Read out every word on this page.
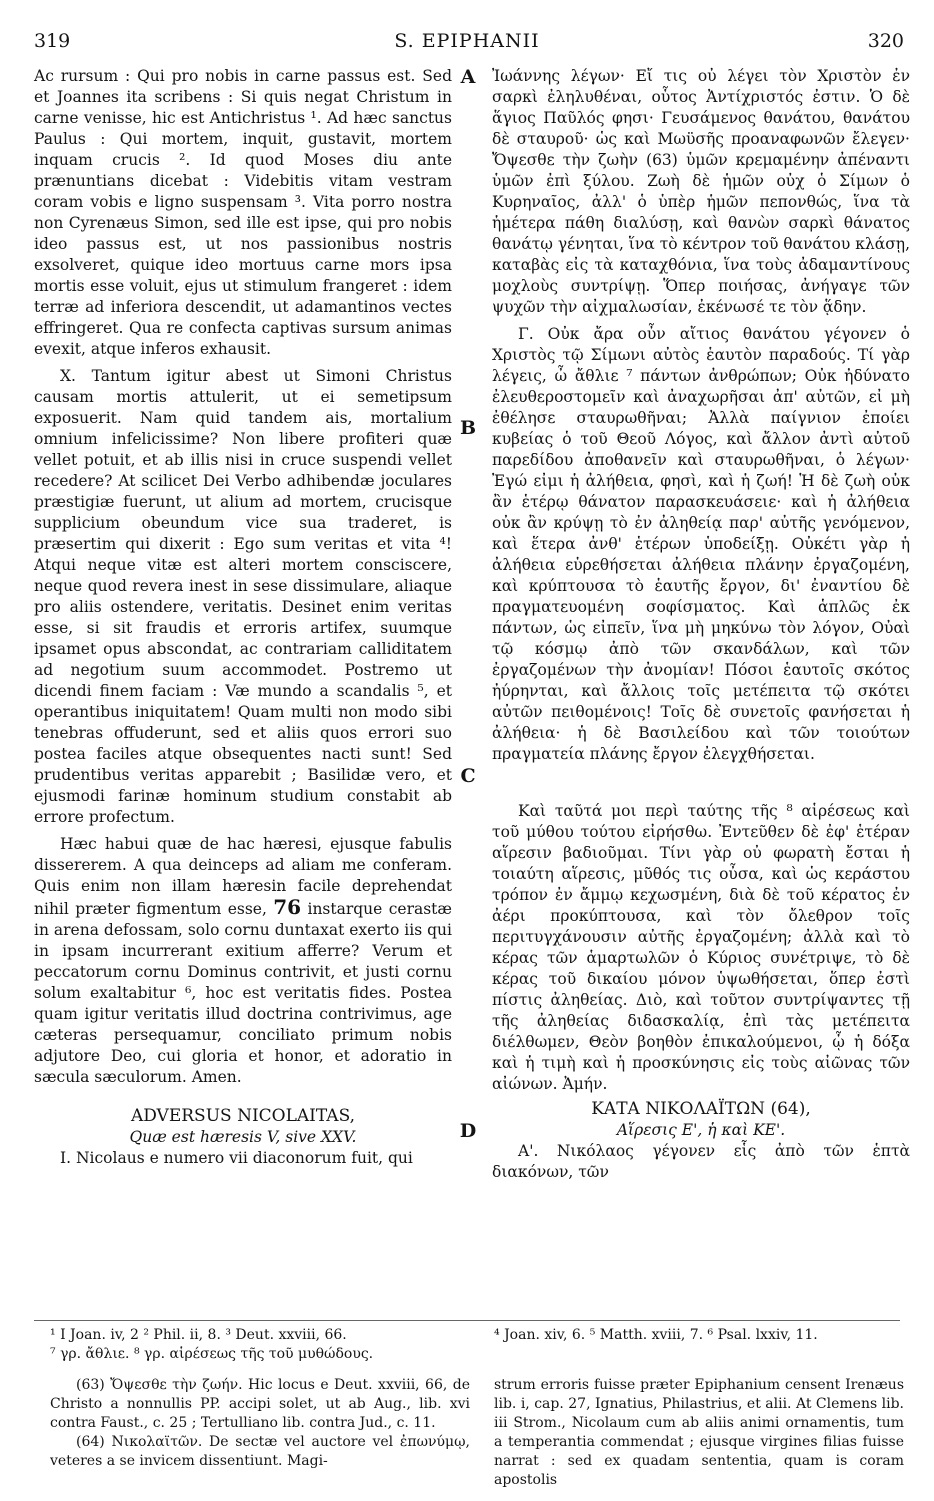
319	S. EPIPHANII	320
A
B
C
D

Ac rursum : Qui pro nobis in carne passus est. Sed et Joannes ita scribens : Si quis negat Christum in carne venisse, hic est Antichristus ¹. Ad hæc sanctus Paulus : Qui mortem, inquit, gustavit, mortem inquam crucis ². Id quod Moses diu ante prænuntians dicebat : Videbitis vitam vestram coram vobis e ligno suspensam ³. Vita porro nostra non Cyrenæus Simon, sed ille est ipse, qui pro nobis ideo passus est, ut nos passionibus nostris exsolveret, quique ideo mortuus carne mors ipsa mortis esse voluit, ejus ut stimulum frangeret : idem terræ ad inferiora descendit, ut adamantinos vectes effringeret. Qua re confecta captivas sursum animas evexit, atque inferos exhausit.

X. Tantum igitur abest ut Simoni Christus causam mortis attulerit, ut ei semetipsum exposuerit. Nam quid tandem ais, mortalium omnium infelicissime? Non libere profiteri quæ vellet potuit, et ab illis nisi in cruce suspendi vellet recedere? At scilicet Dei Verbo adhibendæ joculares præstigiæ fuerunt, ut alium ad mortem, crucisque supplicium obeundum vice sua traderet, is præsertim qui dixerit : Ego sum veritas et vita ⁴! Atqui neque vitæ est alteri mortem consciscere, neque quod revera inest in sese dissimulare, aliaque pro aliis ostendere, veritatis. Desinet enim veritas esse, si sit fraudis et erroris artifex, suumque ipsamet opus abscondat, ac contrariam calliditatem ad negotium suum accommodet. Postremo ut dicendi finem faciam : Væ mundo a scandalis ⁵, et operantibus iniquitatem! Quam multi non modo sibi tenebras offuderunt, sed et aliis quos errori suo postea faciles atque obsequentes nacti sunt! Sed prudentibus veritas apparebit ; Basilidæ vero, et ejusmodi farinæ hominum studium constabit ab errore profectum.

Hæc habui quæ de hac hæresi, ejusque fabulis dissererem. A qua deinceps ad aliam me conferam. Quis enim non illam hæresin facile deprehendat nihil præter figmentum esse, 76 instarque cerastæ in arena defossam, solo cornu duntaxat exerto iis qui in ipsam incurrerant exitium afferre? Verum et peccatorum cornu Dominus contrivit, et justi cornu solum exaltabitur ⁶, hoc est veritatis fides. Postea quam igitur veritatis illud doctrina contrivimus, age cæteras persequamur, conciliato primum nobis adjutore Deo, cui gloria et honor, et adoratio in sæcula sæculorum. Amen.

ADVERSUS NICOLAITAS,

Quæ est hæresis V, sive XXV.

I. Nicolaus e numero vii diaconorum fuit, qui

Ἰωάννης λέγων· Εἴ τις οὐ λέγει τὸν Χριστὸν ἐν σαρκὶ ἐληλυθέναι, οὗτος Ἀντίχριστός ἐστιν. Ὁ δὲ ἅγιος Παῦλός φησι· Γευσάμενος θανάτου, θανάτου δὲ σταυροῦ· ὡς καὶ Μωϋσῆς προαναφωνῶν ἔλεγεν· Ὄψεσθε τὴν ζωὴν (63) ὑμῶν κρεμαμένην ἀπέναντι ὑμῶν ἐπὶ ξύλου. Ζωὴ δὲ ἡμῶν οὐχ ὁ Σίμων ὁ Κυρηναῖος, ἀλλ' ὁ ὑπὲρ ἡμῶν πεπονθώς, ἵνα τὰ ἡμέτερα πάθη διαλύσῃ, καὶ θανὼν σαρκὶ θάνατος θανάτῳ γένηται, ἵνα τὸ κέντρον τοῦ θανάτου κλάσῃ, καταβὰς εἰς τὰ καταχθόνια, ἵνα τοὺς ἀδαμαντίνους μοχλοὺς συντρίψῃ. Ὅπερ ποιήσας, ἀνήγαγε τῶν ψυχῶν τὴν αἰχμαλωσίαν, ἐκένωσέ τε τὸν ᾅδην.

Γ. Οὐκ ἄρα οὖν αἴτιος θανάτου γέγονεν ὁ Χριστὸς τῷ Σίμωνι αὐτὸς ἑαυτὸν παραδούς. Τί γὰρ λέγεις, ὦ ἄθλιε ⁷ πάντων ἀνθρώπων; Οὐκ ἠδύνατο ἐλευθεροστομεῖν καὶ ἀναχωρῆσαι ἀπ' αὐτῶν, εἰ μὴ ἐθέλησε σταυρωθῆναι; Ἀλλὰ παίγνιον ἐποίει κυβείας ὁ τοῦ Θεοῦ Λόγος, καὶ ἄλλον ἀντὶ αὐτοῦ παρεδίδου ἀποθανεῖν καὶ σταυρωθῆναι, ὁ λέγων· Ἐγώ εἰμι ἡ ἀλήθεια, φησὶ, καὶ ἡ ζωή! Ἡ δὲ ζωὴ οὐκ ἂν ἑτέρῳ θάνατον παρασκευάσειε· καὶ ἡ ἀλήθεια οὐκ ἂν κρύψῃ τὸ ἐν ἀληθείᾳ παρ' αὐτῆς γενόμενον, καὶ ἕτερα ἀνθ' ἑτέρων ὑποδείξῃ. Οὐκέτι γὰρ ἡ ἀλήθεια εὑρεθήσεται ἀλήθεια πλάνην ἐργαζομένη, καὶ κρύπτουσα τὸ ἑαυτῆς ἔργον, δι' ἐναντίου δὲ πραγματευομένη σοφίσματος. Καὶ ἁπλῶς ἐκ πάντων, ὡς εἰπεῖν, ἵνα μὴ μηκύνω τὸν λόγον, Οὐαὶ τῷ κόσμῳ ἀπὸ τῶν σκανδάλων, καὶ τῶν ἐργαζομένων τὴν ἀνομίαν! Πόσοι ἑαυτοῖς σκότος ἠύρηνται, καὶ ἄλλοις τοῖς μετέπειτα τῷ σκότει αὐτῶν πειθομένοις! Τοῖς δὲ συνετοῖς φανήσεται ἡ ἀλήθεια· ἡ δὲ Βασιλείδου καὶ τῶν τοιούτων πραγματεία πλάνης ἔργον ἐλεγχθήσεται.

Καὶ ταῦτά μοι περὶ ταύτης τῆς ⁸ αἱρέσεως καὶ τοῦ μύθου τούτου εἰρήσθω. Ἐντεῦθεν δὲ ἐφ' ἑτέραν αἵρεσιν βαδιοῦμαι. Τίνι γὰρ οὐ φωρατὴ ἔσται ἡ τοιαύτη αἵρεσις, μῦθός τις οὖσα, καὶ ὡς κεράστου τρόπον ἐν ἄμμῳ κεχωσμένη, διὰ δὲ τοῦ κέρατος ἐν ἀέρι προκύπτουσα, καὶ τὸν ὄλεθρον τοῖς περιτυγχάνουσιν αὐτῆς ἐργαζομένη; ἀλλὰ καὶ τὸ κέρας τῶν ἁμαρτωλῶν ὁ Κύριος συνέτριψε, τὸ δὲ κέρας τοῦ δικαίου μόνον ὑψωθήσεται, ὅπερ ἐστὶ πίστις ἀληθείας. Διὸ, καὶ τοῦτον συντρίψαντες τῇ τῆς ἀληθείας διδασκαλίᾳ, ἐπὶ τὰς μετέπειτα διέλθωμεν, Θεὸν βοηθὸν ἐπικαλούμενοι, ᾧ ἡ δόξα καὶ ἡ τιμὴ καὶ ἡ προσκύνησις εἰς τοὺς αἰῶνας τῶν αἰώνων. Ἀμήν.

ΚΑΤΑ ΝΙΚΟΛΑΪΤΩΝ (64),

Αἵρεσις Ε', ἡ καὶ ΚΕ'.

Α'. Νικόλαος γέγονεν εἷς ἀπὸ τῶν ἑπτὰ διακόνων, τῶν

¹ I Joan. iv, 2 ² Phil. ii, 8. ³ Deut. xxviii, 66.
⁷ γρ. ἄθλιε. ⁸ γρ. αἱρέσεως τῆς τοῦ μυθώδους.
⁴ Joan. xiv, 6. ⁵ Matth. xviii, 7. ⁶ Psal. lxxiv, 11.

(63) Ὄψεσθε τὴν ζωήν. Hic locus e Deut. xxviii, 66, de Christo a nonnullis PP. accipi solet, ut ab Aug., lib. xvi contra Faust., c. 25 ; Tertulliano lib. contra Jud., c. 11.

(64) Νικολαϊτῶν. De sectæ vel auctore vel ἐπωνύμῳ, veteres a se invicem dissentiunt. Magi-

strum erroris fuisse præter Epiphanium censent Irenæus lib. i, cap. 27, Ignatius, Philastrius, et alii. At Clemens lib. iii Strom., Nicolaum cum ab aliis animi ornamentis, tum a temperantia commendat ; ejusque virgines filias fuisse narrat : sed ex quadam sententia, quam is coram apostolis
